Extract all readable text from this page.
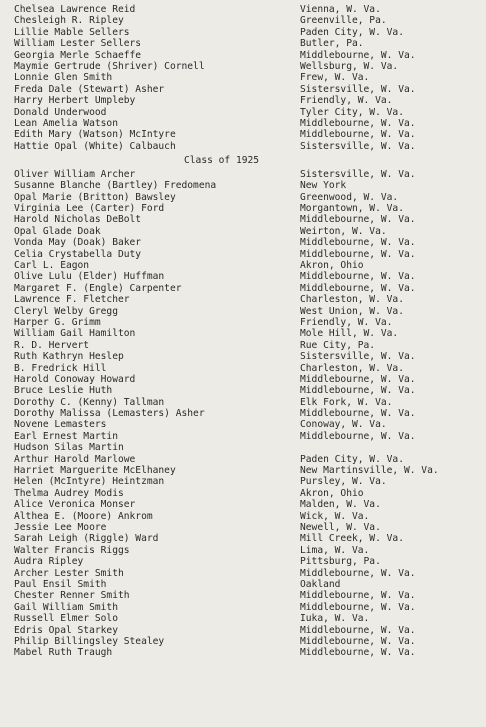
Chelsea Lawrence Reid	Vienna, W. Va.
Chesleigh R. Ripley	Greenville, Pa.
Lillie Mable Sellers	Paden City, W. Va.
William Lester Sellers	Butler, Pa.
Georgia Merle Schaeffe	Middlebourne, W. Va.
Maymie Gertrude (Shriver) Cornell	Wellsburg, W. Va.
Lonnie Glen Smith	Frew, W. Va.
Freda Dale (Stewart) Asher	Sistersville, W. Va.
Harry Herbert Umpleby	Friendly, W. Va.
Donald Underwood	Tyler City, W. Va.
Lean Amelia Watson	Middlebourne, W. Va.
Edith Mary (Watson) McIntyre	Middlebourne, W. Va.
Hattie Opal (White) Calbauch	Sistersville, W. Va.
Class of 1925
Oliver William Archer	Sistersville, W. Va.
Susanne Blanche (Bartley) Fredomena	New York
Opal Marie (Britton) Bawsley	Greenwood, W. Va.
Virginia Lee (Carter) Ford	Morgantown, W. Va.
Harold Nicholas DeBolt	Middlebourne, W. Va.
Opal Glade Doak	Weirton, W. Va.
Vonda May (Doak) Baker	Middlebourne, W. Va.
Celia Crystabella Duty	Middlebourne, W. Va.
Carl L. Eagon	Akron, Ohio
Olive Lulu (Elder) Huffman	Middlebourne, W. Va.
Margaret F. (Engle) Carpenter	Middlebourne, W. Va.
Lawrence F. Fletcher	Charleston, W. Va.
Cleryl Welby Gregg	West Union, W. Va.
Harper G. Grimm	Friendly, W. Va.
William Gail Hamilton	Mole Hill, W. Va.
R. D. Hervert	Rue City, Pa.
Ruth Kathryn Heslep	Sistersville, W. Va.
B. Fredrick Hill	Charleston, W. Va.
Harold Conoway Howard	Middlebourne, W. Va.
Bruce Leslie Huth	Middlebourne, W. Va.
Dorothy C. (Kenny) Tallman	Elk Fork, W. Va.
Dorothy Malissa (Lemasters) Asher	Middlebourne, W. Va.
Novene Lemasters	Conoway, W. Va.
Earl Ernest Martin	Middlebourne, W. Va.
Hudson Silas Martin
Arthur Harold Marlowe	Paden City, W. Va.
Harriet Marguerite McElhaney	New Martinsville, W. Va.
Helen (McIntyre) Heintzman	Pursley, W. Va.
Thelma Audrey Modis	Akron, Ohio
Alice Veronica Monser	Malden, W. Va.
Althea E. (Moore) Ankrom	Wick, W. Va.
Jessie Lee Moore	Newell, W. Va.
Sarah Leigh (Riggle) Ward	Mill Creek, W. Va.
Walter Francis Riggs	Lima, W. Va.
Audra Ripley	Pittsburg, Pa.
Archer Lester Smith	Middlebourne, W. Va.
Paul Ensil Smith	Oakland
Chester Renner Smith	Middlebourne, W. Va.
Gail William Smith	Middlebourne, W. Va.
Russell Elmer Solo	Iuka, W. Va.
Edris Opal Starkey	Middlebourne, W. Va.
Philip Billingsley Stealey	Middlebourne, W. Va.
Mabel Ruth Traugh	Middlebourne, W. Va.
